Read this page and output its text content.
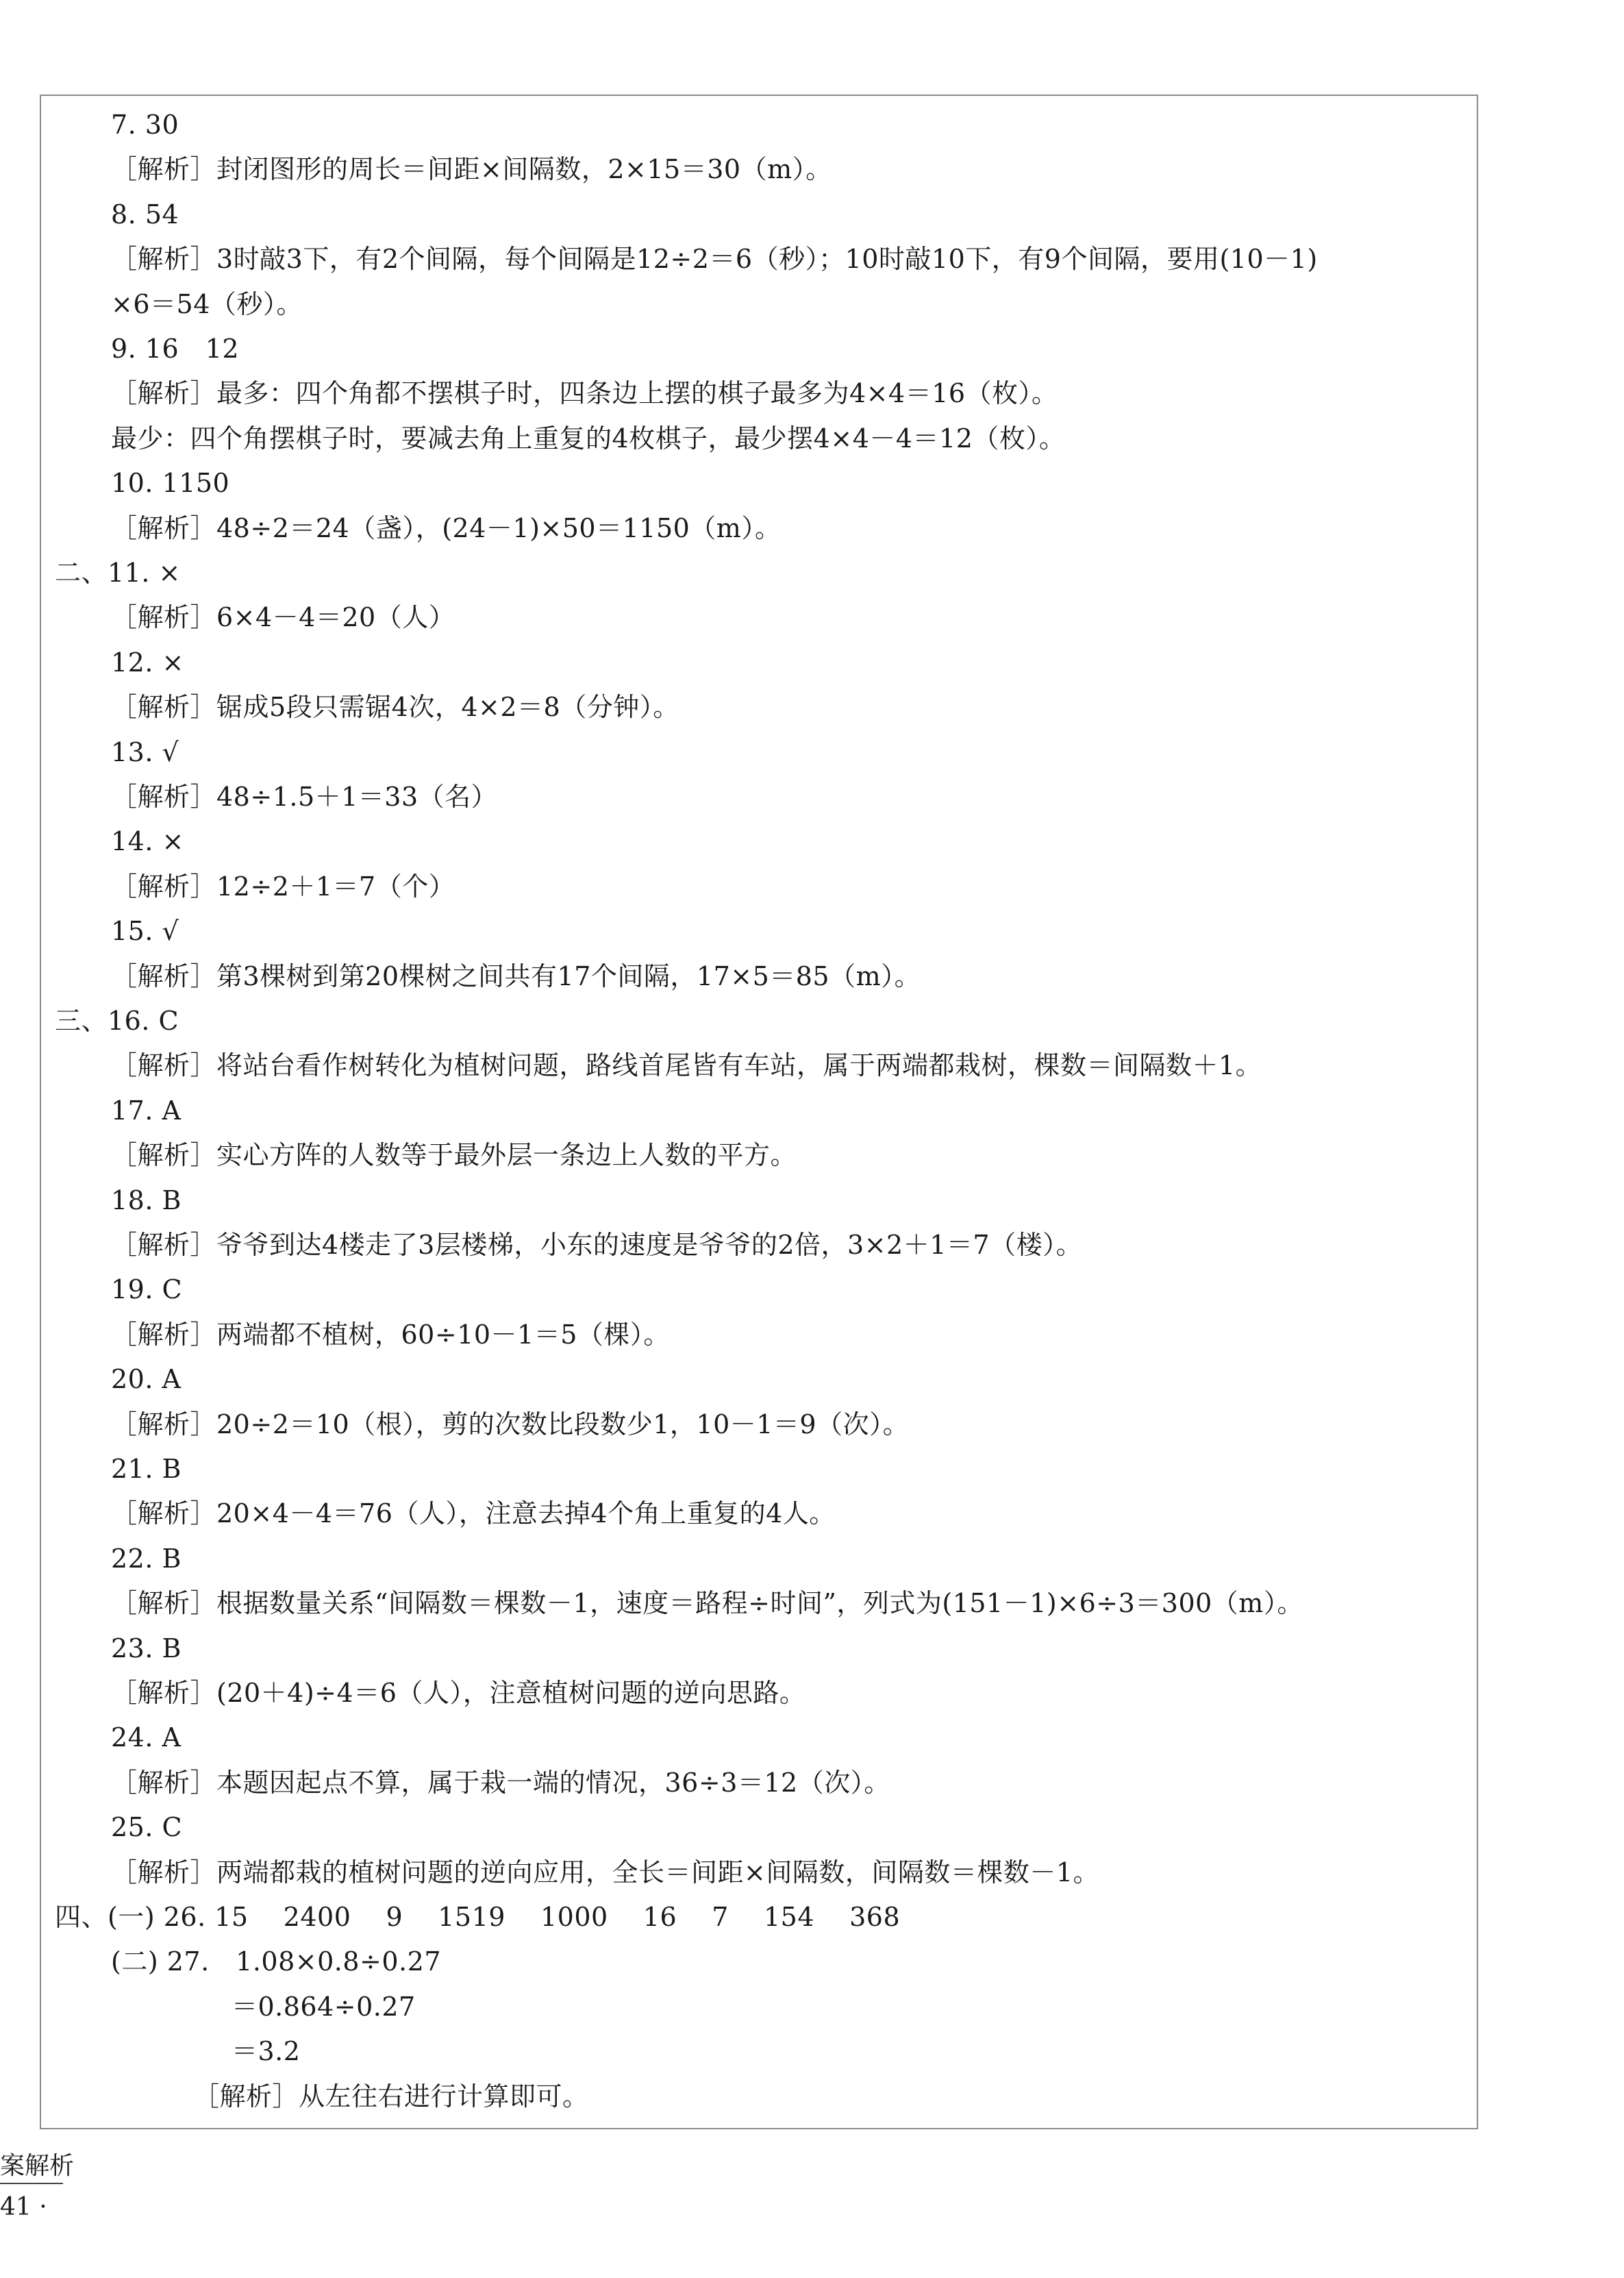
7. 30
［解析］封闭图形的周长＝间距×间隔数，2×15＝30（m）。
8. 54
［解析］3时敲3下，有2个间隔，每个间隔是12÷2＝6（秒）；10时敲10下，有9个间隔，要用(10－1)
×6＝54（秒）。
9. 16　12
［解析］最多：四个角都不摆棋子时，四条边上摆的棋子最多为4×4＝16（枚）。
最少：四个角摆棋子时，要减去角上重复的4枚棋子，最少摆4×4－4＝12（枚）。
10. 1150
［解析］48÷2＝24（盏），(24－1)×50＝1150（m）。
二、11. ×
［解析］6×4－4＝20（人）
12. ×
［解析］锯成5段只需锯4次，4×2＝8（分钟）。
13. √
［解析］48÷1.5＋1＝33（名）
14. ×
［解析］12÷2＋1＝7（个）
15. √
［解析］第3棵树到第20棵树之间共有17个间隔，17×5＝85（m）。
三、16. C
［解析］将站台看作树转化为植树问题，路线首尾皆有车站，属于两端都栽树，棵数＝间隔数＋1。
17. A
［解析］实心方阵的人数等于最外层一条边上人数的平方。
18. B
［解析］爷爷到达4楼走了3层楼梯，小东的速度是爷爷的2倍，3×2＋1＝7（楼）。
19. C
［解析］两端都不植树，60÷10－1＝5（棵）。
20. A
［解析］20÷2＝10（根），剪的次数比段数少1，10－1＝9（次）。
21. B
［解析］20×4－4＝76（人），注意去掉4个角上重复的4人。
22. B
［解析］根据数量关系“间隔数＝棵数－1，速度＝路程÷时间”，列式为(151－1)×6÷3＝300（m）。
23. B
［解析］(20＋4)÷4＝6（人），注意植树问题的逆向思路。
24. A
［解析］本题因起点不算，属于栽一端的情况，36÷3＝12（次）。
25. C
［解析］两端都栽的植树问题的逆向应用，全长＝间距×间隔数，间隔数＝棵数－1。
四、(一) 26. 15　 2400　 9　 1519　 1000　 16　 7　 154　 368
(二) 27.　1.08×0.8÷0.27
＝0.864÷0.27
＝3.2
［解析］从左往右进行计算即可。
案解析
41 ·
